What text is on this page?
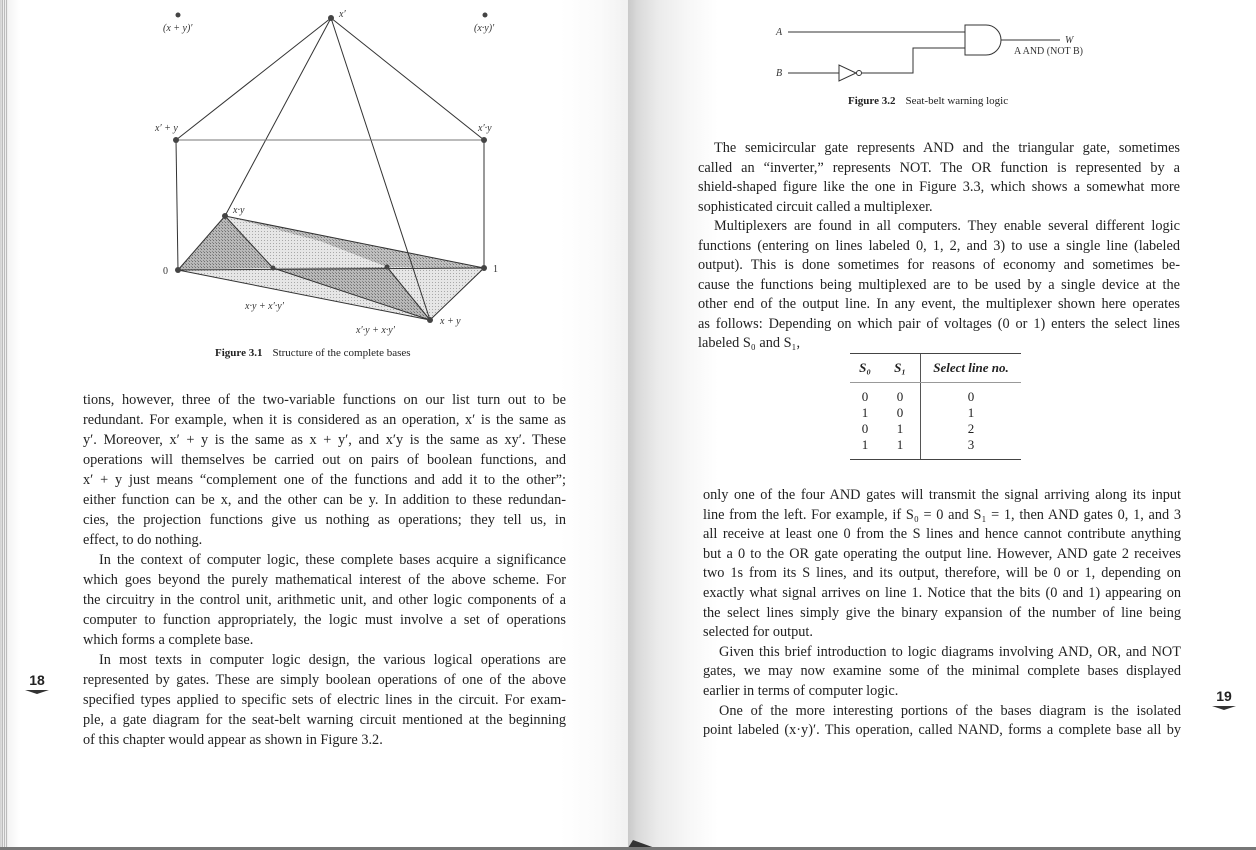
x′
(x + y)′	(x·y)′
x′ + y	x′·y
x·y
0	1
x + y
x·y + x′·y′
x′·y + x·y′
Figure 3.1 Structure of the complete bases

tions, however, three of the two-variable functions on our list turn out to be
redundant. For example, when it is considered as an operation, x′ is the same as
y′. Moreover, x′ + y is the same as x + y′, and x′y is the same as xy′. These
operations will themselves be carried out on pairs of boolean functions, and
x′ + y just means “complement one of the functions and add it to the other”;
either function can be x, and the other can be y. In addition to these redundan-
cies, the projection functions give us nothing as operations; they tell us, in
effect, to do nothing.

In the context of computer logic, these complete bases acquire a significance
which goes beyond the purely mathematical interest of the above scheme. For
the circuitry in the control unit, arithmetic unit, and other logic components of a
computer to function appropriately, the logic must involve a set of operations
which forms a complete base.

In most texts in computer logic design, the various logical operations are
represented by gates. These are simply boolean operations of one of the above
specified types applied to specific sets of electric lines in the circuit. For exam-
ple, a gate diagram for the seat-belt warning circuit mentioned at the beginning
of this chapter would appear as shown in Figure 3.2.

18
A
B
W
A AND (NOT B)
Figure 3.2 Seat-belt warning logic

The semicircular gate represents AND and the triangular gate, sometimes
called an “inverter,” represents NOT. The OR function is represented by a
shield-shaped figure like the one in Figure 3.3, which shows a somewhat more
sophisticated circuit called a multiplexer.

Multiplexers are found in all computers. They enable several different logic
functions (entering on lines labeled 0, 1, 2, and 3) to use a single line (labeled
output). This is done sometimes for reasons of economy and sometimes be-
cause the functions being multiplexed are to be used by a single device at the
other end of the output line. In any event, the multiplexer shown here operates
as follows: Depending on which pair of voltages (0 or 1) enters the select lines
labeled S₀ and S₁,

S₀	S₁	Select line no.
0	0	0
1	0	1
0	1	2
1	1	3

only one of the four AND gates will transmit the signal arriving along its input
line from the left. For example, if S₀ = 0 and S₁ = 1, then AND gates 0, 1, and 3
all receive at least one 0 from the S lines and hence cannot contribute anything
but a 0 to the OR gate operating the output line. However, AND gate 2 receives
two 1s from its S lines, and its output, therefore, will be 0 or 1, depending on
exactly what signal arrives on line 1. Notice that the bits (0 and 1) appearing on
the select lines simply give the binary expansion of the number of line being
selected for output.

Given this brief introduction to logic diagrams involving AND, OR, and NOT
gates, we may now examine some of the minimal complete bases displayed
earlier in terms of computer logic.

One of the more interesting portions of the bases diagram is the isolated
point labeled (x·y)′. This operation, called NAND, forms a complete base all by

19
